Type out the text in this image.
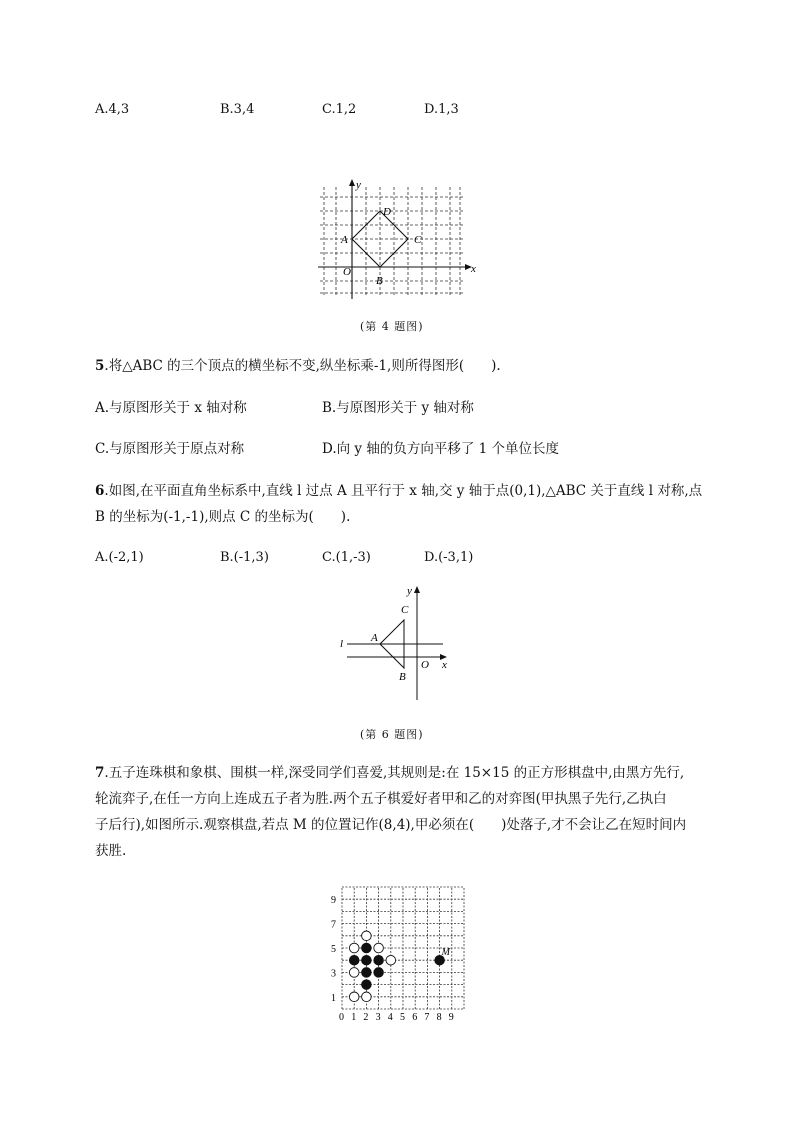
A.4,3	B.3,4	C.1,2	D.1,3
x
y
O
A
B
C
D
(第 4 题图)
5.将△ABC 的三个顶点的横坐标不变,纵坐标乘-1,则所得图形(　　).
A.与原图形关于 x 轴对称	B.与原图形关于 y 轴对称
C.与原图形关于原点对称	D.向 y 轴的负方向平移了 1 个单位长度
6.如图,在平面直角坐标系中,直线 l 过点 A 且平行于 x 轴,交 y 轴于点(0,1),△ABC 关于直线 l 对称,点
B 的坐标为(-1,-1),则点 C 的坐标为(　　).
A.(-2,1)	B.(-1,3)	C.(1,-3)	D.(-3,1)
l	A
C
B
O x
y
(第 6 题图)
7.五子连珠棋和象棋、围棋一样,深受同学们喜爱,其规则是:在 15×15 的正方形棋盘中,由黑方先行,
轮流弈子,在任一方向上连成五子者为胜.两个五子棋爱好者甲和乙的对弈图(甲执黑子先行,乙执白
子后行),如图所示.观察棋盘,若点 M 的位置记作(8,4),甲必须在(　　)处落子,才不会让乙在短时间内
获胜.
0 1 2 3 4 5 6 7 8 9
1
3
5
7
9
M
